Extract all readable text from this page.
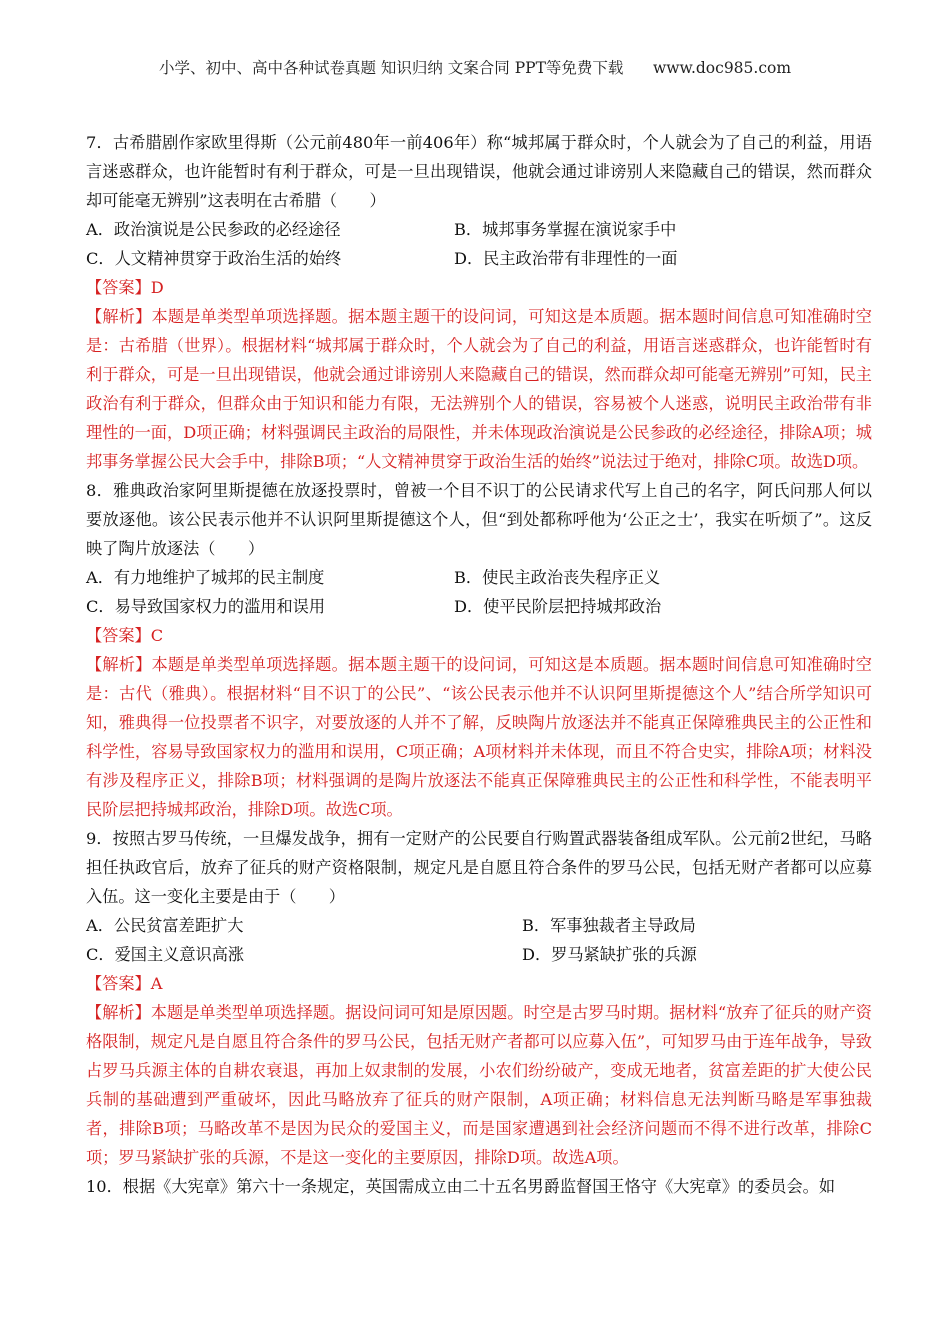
小学、初中、高中各种试卷真题 知识归纳 文案合同 PPT等免费下载      www.doc985.com

7．古希腊剧作家欧里得斯（公元前480年一前406年）称“城邦属于群众时，个人就会为了自己的利益，用语言迷惑群众，也许能暂时有利于群众，可是一旦出现错误，他就会通过诽谤别人来隐藏自己的错误，然而群众却可能毫无辨别”这表明在古希腊（　　）

A．政治演说是公民参政的必经途径	B．城邦事务掌握在演说家手中
C．人文精神贯穿于政治生活的始终	D．民主政治带有非理性的一面

【答案】D

【解析】本题是单类型单项选择题。据本题主题干的设问词，可知这是本质题。据本题时间信息可知准确时空是：古希腊（世界）。根据材料“城邦属于群众时，个人就会为了自己的利益，用语言迷惑群众，也许能暂时有利于群众，可是一旦出现错误，他就会通过诽谤别人来隐藏自己的错误，然而群众却可能毫无辨别”可知，民主政治有利于群众，但群众由于知识和能力有限，无法辨别个人的错误，容易被个人迷惑，说明民主政治带有非理性的一面，D项正确；材料强调民主政治的局限性，并未体现政治演说是公民参政的必经途径，排除A项；城邦事务掌握公民大会手中，排除B项；“人文精神贯穿于政治生活的始终”说法过于绝对，排除C项。故选D项。

8．雅典政治家阿里斯提德在放逐投票时，曾被一个目不识丁的公民请求代写上自己的名字，阿氏问那人何以要放逐他。该公民表示他并不认识阿里斯提德这个人，但“到处都称呼他为‘公正之士’，我实在听烦了”。这反映了陶片放逐法（　　）

A．有力地维护了城邦的民主制度	B．使民主政治丧失程序正义
C．易导致国家权力的滥用和误用	D．使平民阶层把持城邦政治

【答案】C

【解析】本题是单类型单项选择题。据本题主题干的设问词，可知这是本质题。据本题时间信息可知准确时空是：古代（雅典）。根据材料“目不识丁的公民”、“该公民表示他并不认识阿里斯提德这个人”结合所学知识可知，雅典得一位投票者不识字，对要放逐的人并不了解，反映陶片放逐法并不能真正保障雅典民主的公正性和科学性，容易导致国家权力的滥用和误用，C项正确；A项材料并未体现，而且不符合史实，排除A项；材料没有涉及程序正义，排除B项；材料强调的是陶片放逐法不能真正保障雅典民主的公正性和科学性，不能表明平民阶层把持城邦政治，排除D项。故选C项。

9．按照古罗马传统，一旦爆发战争，拥有一定财产的公民要自行购置武器装备组成军队。公元前2世纪，马略担任执政官后，放弃了征兵的财产资格限制，规定凡是自愿且符合条件的罗马公民，包括无财产者都可以应募入伍。这一变化主要是由于（　　）

A．公民贫富差距扩大	B．军事独裁者主导政局
C．爱国主义意识高涨	D．罗马紧缺扩张的兵源

【答案】A

【解析】本题是单类型单项选择题。据设问词可知是原因题。时空是古罗马时期。据材料“放弃了征兵的财产资格限制，规定凡是自愿且符合条件的罗马公民，包括无财产者都可以应募入伍”，可知罗马由于连年战争，导致占罗马兵源主体的自耕农衰退，再加上奴隶制的发展，小农们纷纷破产，变成无地者，贫富差距的扩大使公民兵制的基础遭到严重破坏，因此马略放弃了征兵的财产限制，A项正确；材料信息无法判断马略是军事独裁者，排除B项；马略改革不是因为民众的爱国主义，而是国家遭遇到社会经济问题而不得不进行改革，排除C项；罗马紧缺扩张的兵源，不是这一变化的主要原因，排除D项。故选A项。

10．根据《大宪章》第六十一条规定，英国需成立由二十五名男爵监督国王恪守《大宪章》的委员会。如
